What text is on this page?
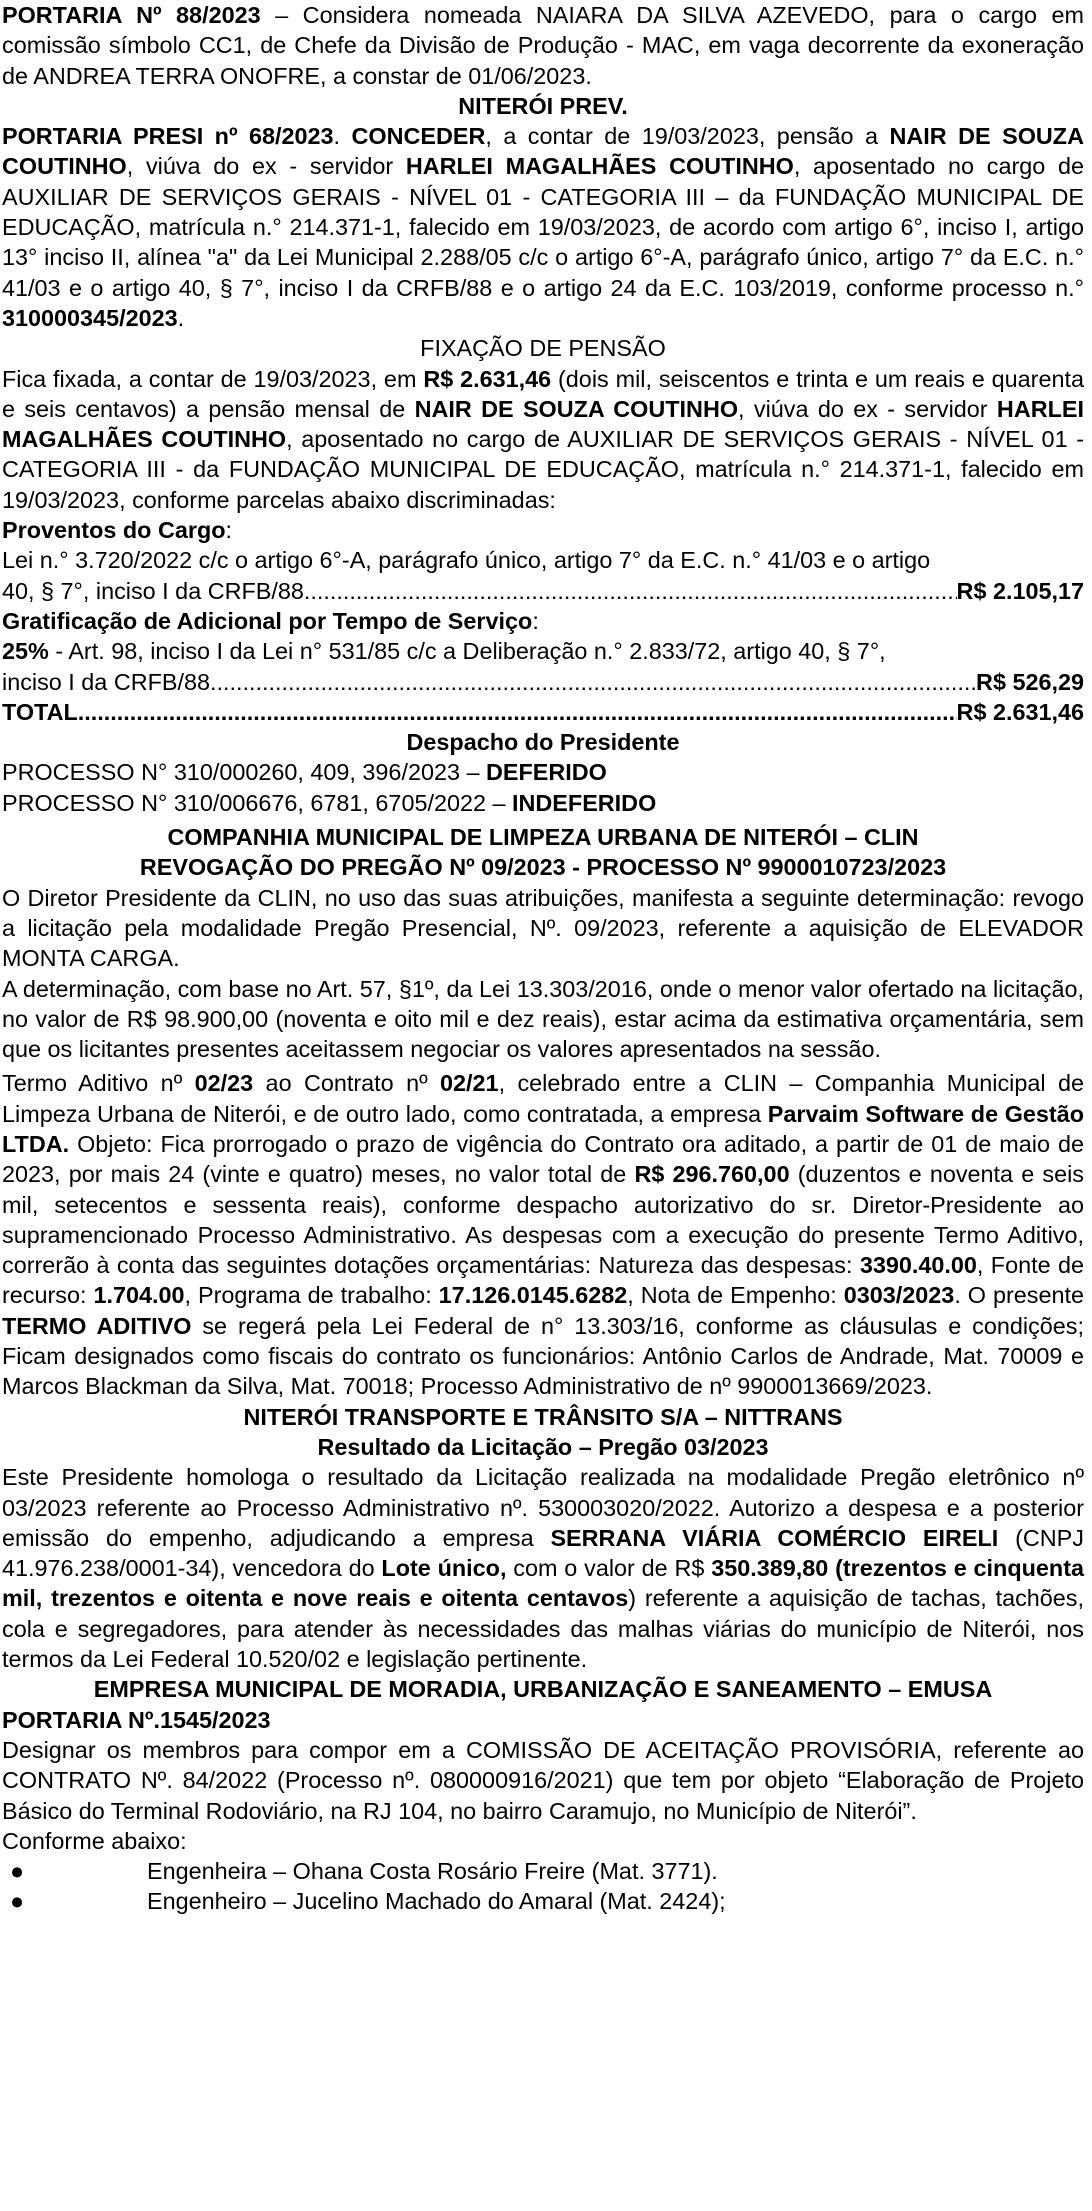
PORTARIA Nº 88/2023 – Considera nomeada NAIARA DA SILVA AZEVEDO, para o cargo em comissão símbolo CC1, de Chefe da Divisão de Produção - MAC, em vaga decorrente da exoneração de ANDREA TERRA ONOFRE, a constar de 01/06/2023.

NITERÓI PREV.

PORTARIA PRESI nº 68/2023. CONCEDER, a contar de 19/03/2023, pensão a NAIR DE SOUZA COUTINHO, viúva do ex - servidor HARLEI MAGALHÃES COUTINHO, aposentado no cargo de AUXILIAR DE SERVIÇOS GERAIS - NÍVEL 01 - CATEGORIA III – da FUNDAÇÃO MUNICIPAL DE EDUCAÇÃO, matrícula n.° 214.371-1, falecido em 19/03/2023, de acordo com artigo 6°, inciso I, artigo 13° inciso II, alínea "a" da Lei Municipal 2.288/05 c/c o artigo 6°-A, parágrafo único, artigo 7° da E.C. n.° 41/03 e o artigo 40, § 7°, inciso I da CRFB/88 e o artigo 24 da E.C. 103/2019, conforme processo n.° 310000345/2023.

FIXAÇÃO DE PENSÃO

Fica fixada, a contar de 19/03/2023, em R$ 2.631,46 (dois mil, seiscentos e trinta e um reais e quarenta e seis centavos) a pensão mensal de NAIR DE SOUZA COUTINHO, viúva do ex - servidor HARLEI MAGALHÃES COUTINHO, aposentado no cargo de AUXILIAR DE SERVIÇOS GERAIS - NÍVEL 01 - CATEGORIA III - da FUNDAÇÃO MUNICIPAL DE EDUCAÇÃO, matrícula n.° 214.371-1, falecido em 19/03/2023, conforme parcelas abaixo discriminadas:

Proventos do Cargo:

Lei n.° 3.720/2022 c/c o artigo 6°-A, parágrafo único, artigo 7° da E.C. n.° 41/03 e o artigo

40, § 7°, inciso I da CRFB/88 .....	R$ 2.105,17

Gratificação de Adicional por Tempo de Serviço:

25% - Art. 98, inciso I da Lei n° 531/85 c/c a Deliberação n.° 2.833/72, artigo 40, § 7°,

inciso I da CRFB/88 .....	R$ 526,29
TOTAL .....	R$ 2.631,46

Despacho do Presidente

PROCESSO N° 310/000260, 409, 396/2023 – DEFERIDO

PROCESSO N° 310/006676, 6781, 6705/2022 – INDEFERIDO

COMPANHIA MUNICIPAL DE LIMPEZA URBANA DE NITERÓI – CLIN

REVOGAÇÃO DO PREGÃO Nº 09/2023 - PROCESSO Nº 9900010723/2023

O Diretor Presidente da CLIN, no uso das suas atribuições, manifesta a seguinte determinação: revogo a licitação pela modalidade Pregão Presencial, Nº. 09/2023, referente a aquisição de ELEVADOR MONTA CARGA.

A determinação, com base no Art. 57, §1º, da Lei 13.303/2016, onde o menor valor ofertado na licitação, no valor de R$ 98.900,00 (noventa e oito mil e dez reais), estar acima da estimativa orçamentária, sem que os licitantes presentes aceitassem negociar os valores apresentados na sessão.

Termo Aditivo nº 02/23 ao Contrato nº 02/21, celebrado entre a CLIN – Companhia Municipal de Limpeza Urbana de Niterói, e de outro lado, como contratada, a empresa Parvaim Software de Gestão LTDA. Objeto: Fica prorrogado o prazo de vigência do Contrato ora aditado, a partir de 01 de maio de 2023, por mais 24 (vinte e quatro) meses, no valor total de R$ 296.760,00 (duzentos e noventa e seis mil, setecentos e sessenta reais), conforme despacho autorizativo do sr. Diretor-Presidente ao supramencionado Processo Administrativo. As despesas com a execução do presente Termo Aditivo, correrão à conta das seguintes dotações orçamentárias: Natureza das despesas: 3390.40.00, Fonte de recurso: 1.704.00, Programa de trabalho: 17.126.0145.6282, Nota de Empenho: 0303/2023. O presente TERMO ADITIVO se regerá pela Lei Federal de n° 13.303/16, conforme as cláusulas e condições; Ficam designados como fiscais do contrato os funcionários: Antônio Carlos de Andrade, Mat. 70009 e Marcos Blackman da Silva, Mat. 70018; Processo Administrativo de nº 9900013669/2023.

NITERÓI TRANSPORTE E TRÂNSITO S/A – NITTRANS

Resultado da Licitação – Pregão 03/2023

Este Presidente homologa o resultado da Licitação realizada na modalidade Pregão eletrônico nº 03/2023 referente ao Processo Administrativo nº. 530003020/2022. Autorizo a despesa e a posterior emissão do empenho, adjudicando a empresa SERRANA VIÁRIA COMÉRCIO EIRELI (CNPJ 41.976.238/0001-34), vencedora do Lote único, com o valor de R$ 350.389,80 (trezentos e cinquenta mil, trezentos e oitenta e nove reais e oitenta centavos) referente a aquisição de tachas, tachões, cola e segregadores, para atender às necessidades das malhas viárias do município de Niterói, nos termos da Lei Federal 10.520/02 e legislação pertinente.

EMPRESA MUNICIPAL DE MORADIA, URBANIZAÇÃO E SANEAMENTO – EMUSA

PORTARIA Nº.1545/2023

Designar os membros para compor em a COMISSÃO DE ACEITAÇÃO PROVISÓRIA, referente ao CONTRATO Nº. 84/2022 (Processo nº. 080000916/2021) que tem por objeto “Elaboração de Projeto Básico do Terminal Rodoviário, na RJ 104, no bairro Caramujo, no Município de Niterói”.

Conforme abaixo:

●	Engenheira – Ohana Costa Rosário Freire (Mat. 3771).
●	Engenheiro – Jucelino Machado do Amaral (Mat. 2424);
